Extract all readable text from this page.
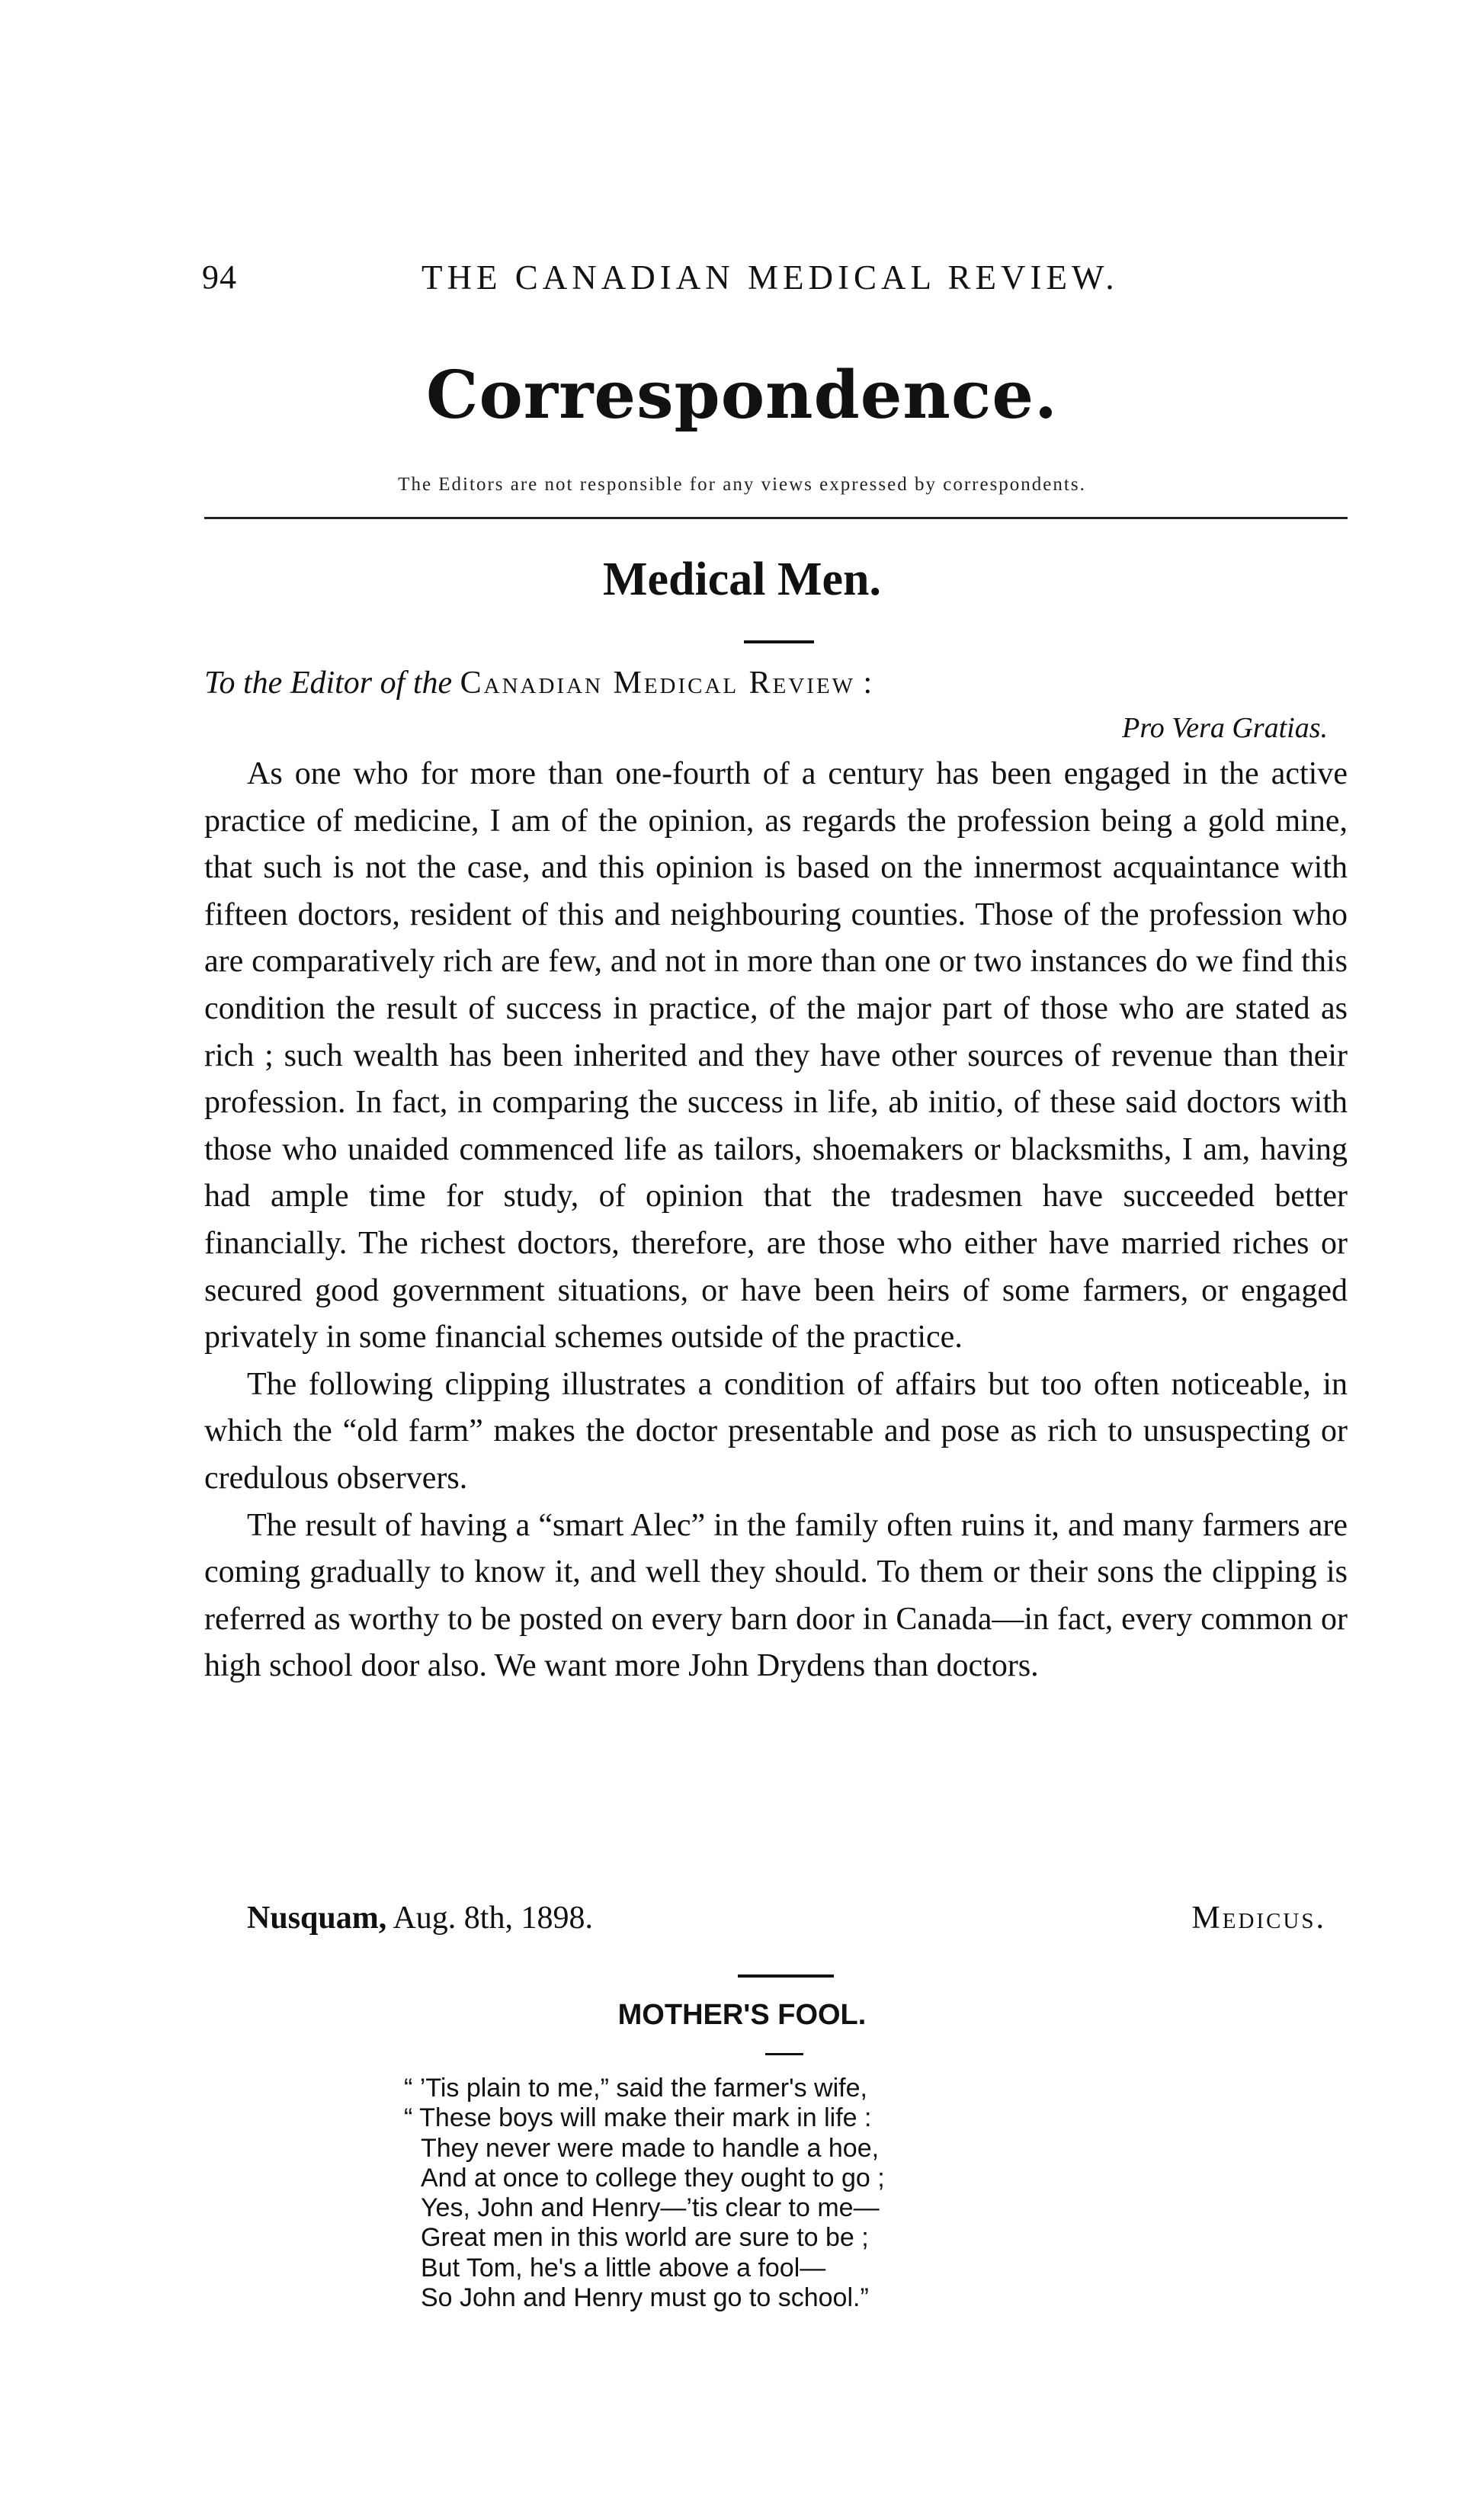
94	THE CANADIAN MEDICAL REVIEW.
Correspondence.
The Editors are not responsible for any views expressed by correspondents.
Medical Men.
To the Editor of the Canadian Medical Review :
Pro Vera Gratias.

As one who for more than one-fourth of a century has been engaged in the active practice of medicine, I am of the opinion, as regards the profession being a gold mine, that such is not the case, and this opinion is based on the innermost acquaintance with fifteen doctors, resident of this and neighbouring counties. Those of the profession who are comparatively rich are few, and not in more than one or two instances do we find this condition the result of success in practice, of the major part of those who are stated as rich ; such wealth has been inherited and they have other sources of revenue than their profession. In fact, in comparing the success in life, ab initio, of these said doctors with those who unaided commenced life as tailors, shoemakers or blacksmiths, I am, having had ample time for study, of opinion that the tradesmen have succeeded better financially. The richest doctors, therefore, are those who either have married riches or secured good government situations, or have been heirs of some farmers, or engaged privately in some financial schemes outside of the practice.

The following clipping illustrates a condition of affairs but too often noticeable, in which the “old farm” makes the doctor presentable and pose as rich to unsuspecting or credulous observers.

The result of having a “smart Alec” in the family often ruins it, and many farmers are coming gradually to know it, and well they should. To them or their sons the clipping is referred as worthy to be posted on every barn door in Canada—in fact, every common or high school door also. We want more John Drydens than doctors.

Nusquam, Aug. 8th, 1898.	Medicus.
MOTHER'S FOOL.
“ ’Tis plain to me,” said the farmer's wife,
“ These boys will make their mark in life :
They never were made to handle a hoe,
And at once to college they ought to go ;
Yes, John and Henry—’tis clear to me—
Great men in this world are sure to be ;
But Tom, he's a little above a fool—
So John and Henry must go to school.”
